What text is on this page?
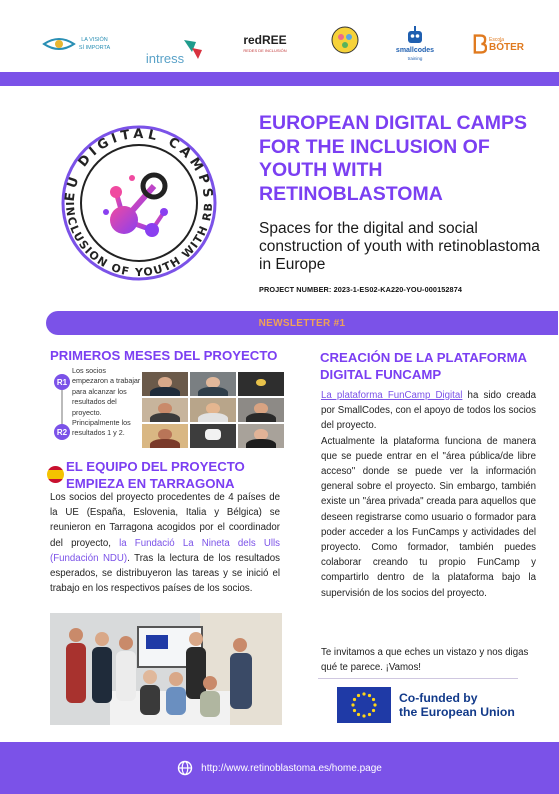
LA VISIÓN
SÍ IMPORTA
intress
redREE
REDES DE INCLUSIÓN	smallcodes
training
Escola
BÓTER
EU DIGITAL CAMPS
INCLUSION OF YOUTH WITH RB
EUROPEAN DIGITAL CAMPS FOR THE INCLUSION OF YOUTH WITH RETINOBLASTOMA

Spaces for the digital and social construction of youth with retinoblastoma in Europe

PROJECT NUMBER: 2023-1-ES02-KA220-YOU-000152874
NEWSLETTER #1
PRIMEROS MESES DEL PROYECTO
R1
R2

Los socios empezaron a trabajar para alcanzar los resultados del proyecto. Principalmente los resultados 1 y 2.

EL EQUIPO DEL PROYECTO EMPIEZA EN TARRAGONA

Los socios del proyecto procedentes de 4 países de la UE (España, Eslovenia, Italia y Bélgica) se reunieron en Tarragona acogidos por el coordinador del proyecto, la Fundació La Nineta dels Ulls (Fundación NDU). Tras la lectura de los resultados esperados, se distribuyeron las tareas y se inició el trabajo en los respectivos países de los socios.

CREACIÓN DE LA PLATAFORMA DIGITAL FUNCAMP

La plataforma FunCamp Digital ha sido creada por SmallCodes, con el apoyo de todos los socios del proyecto.

Actualmente la plataforma funciona de manera que se puede entrar en el "área pública/de libre acceso" donde se puede ver la información general sobre el proyecto. Sin embargo, también existe un "área privada" creada para aquellos que deseen registrarse como usuario o formador para poder acceder a los FunCamps y actividades del proyecto. Como formador, también puedes colaborar creando tu propio FunCamp y compartirlo dentro de la plataforma bajo la supervisión de los socios del proyecto.

Te invitamos a que eches un vistazo y nos digas qué te parece. ¡Vamos!

Co-funded by
the European Union
http://www.retinoblastoma.es/home.page
